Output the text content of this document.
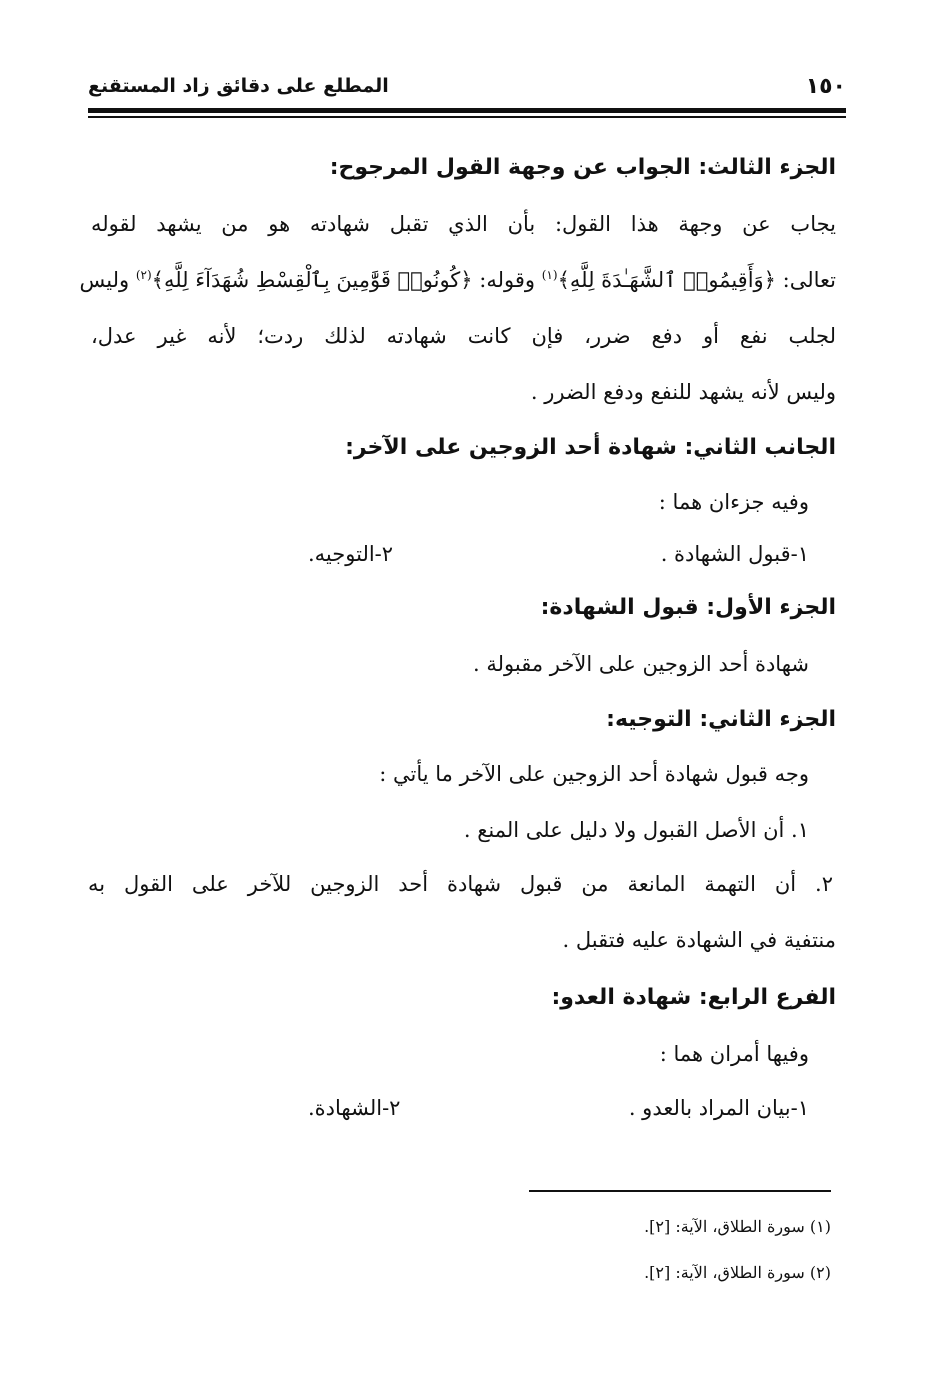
١٥٠
المطلع على دقائق زاد المستقنع
الجزء الثالث: الجواب عن وجهة القول المرجوح:
يجاب عن وجهة هذا القول: بأن الذي تقبل شهادته هو من يشهد لقوله
تعالى: ﴿وَأَقِيمُوا۟ ٱلشَّهَـٰدَةَ لِلَّهِ﴾$^{(١)}$ وقوله: ﴿كُونُوا۟ قَوَّٰمِينَ بِٱلْقِسْطِ شُهَدَآءَ لِلَّهِ﴾$^{(٢)}$ وليس
لجلب نفع أو دفع ضرر، فإن كانت شهادته لذلك ردت؛ لأنه غير عدل،
وليس لأنه يشهد للنفع ودفع الضرر .
الجانب الثاني: شهادة أحد الزوجين على الآخر:
وفيه جزءان هما :
١-قبول الشهادة .
٢-التوجيه.
الجزء الأول: قبول الشهادة:
شهادة أحد الزوجين على الآخر مقبولة .
الجزء الثاني: التوجيه:
وجه قبول شهادة أحد الزوجين على الآخر ما يأتي :
١. أن الأصل القبول ولا دليل على المنع .
٢. أن التهمة المانعة من قبول شهادة أحد الزوجين للآخر على القول به
منتفية في الشهادة عليه فتقبل .
الفرع الرابع: شهادة العدو:
وفيها أمران هما :
١-بيان المراد بالعدو .
٢-الشهادة.
(١) سورة الطلاق، الآية: [٢].
(٢) سورة الطلاق، الآية: [٢].
